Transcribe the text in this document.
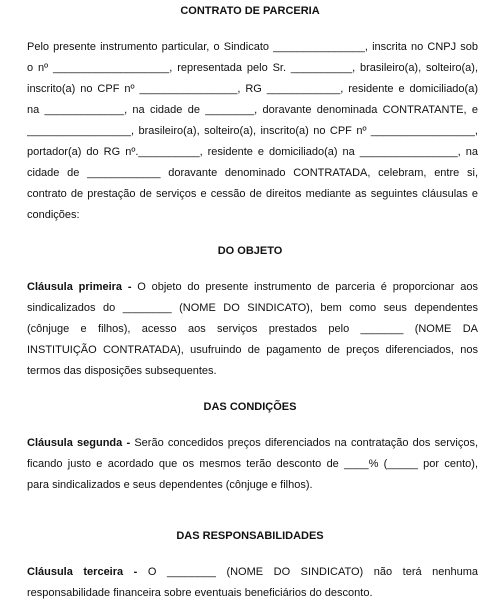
CONTRATO DE PARCERIA
Pelo presente instrumento particular, o Sindicato _______________, inscrita no CNPJ sob
o nº ___________________, representada pelo Sr. __________, brasileiro(a), solteiro(a),
inscrito(a) no CPF nº ________________, RG ____________, residente e domiciliado(a)
na _____________, na cidade de ________, doravante denominada CONTRATANTE, e
_________________, brasileiro(a), solteiro(a), inscrito(a) no CPF nº _________________,
portador(a) do RG nº.__________, residente e domiciliado(a) na ________________, na
cidade de ____________ doravante denominado CONTRATADA, celebram, entre si,
contrato de prestação de serviços e cessão de direitos mediante as seguintes cláusulas e
condições:
DO OBJETO
Cláusula primeira - O objeto do presente instrumento de parceria é proporcionar aos
sindicalizados do ________ (NOME DO SINDICATO), bem como seus dependentes
(cônjuge e filhos), acesso aos serviços prestados pelo _______ (NOME DA
INSTITUIÇÃO CONTRATADA), usufruindo de pagamento de preços diferenciados, nos
termos das disposições subsequentes.
DAS CONDIÇÕES
Cláusula segunda - Serão concedidos preços diferenciados na contratação dos serviços,
ficando justo e acordado que os mesmos terão desconto de ____% (_____ por cento),
para sindicalizados e seus dependentes (cônjuge e filhos).
DAS RESPONSABILIDADES
Cláusula terceira - O ________ (NOME DO SINDICATO) não terá nenhuma
responsabilidade financeira sobre eventuais beneficiários do desconto.
